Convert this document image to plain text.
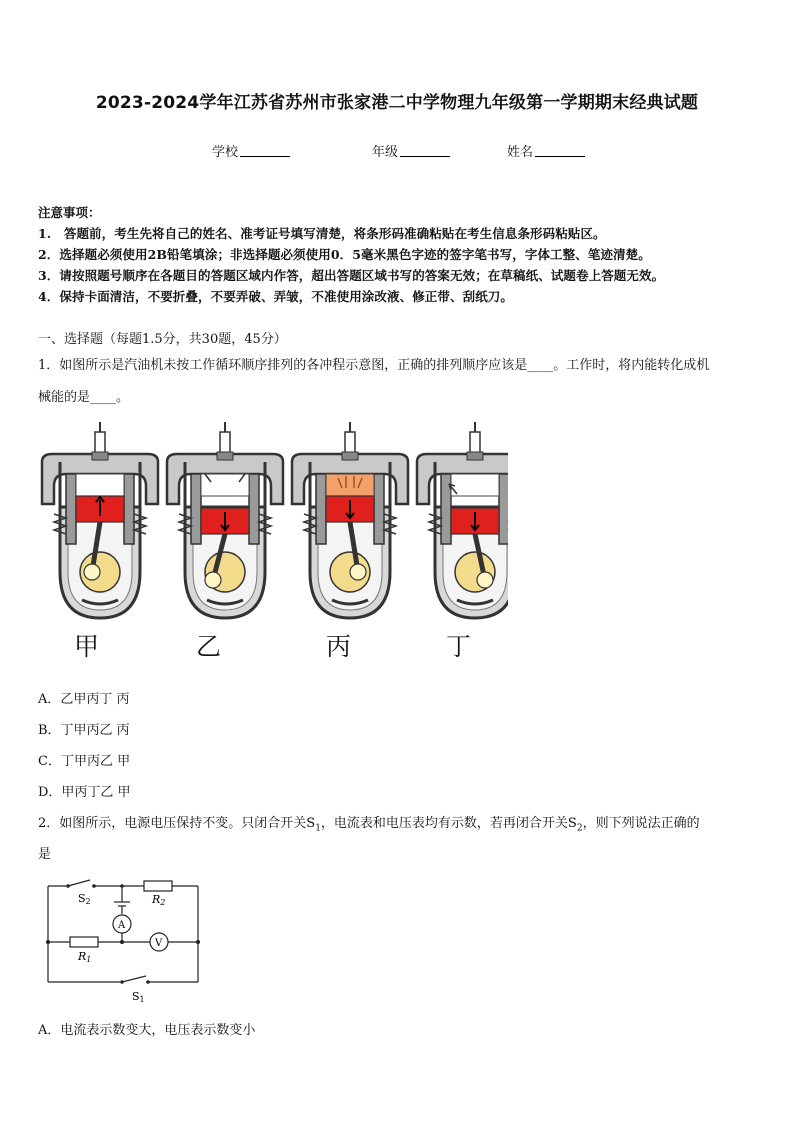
2023-2024学年江苏省苏州市张家港二中学物理九年级第一学期期末经典试题
学校	年级	姓名
注意事项：
1.　答题前，考生先将自己的姓名、准考证号填写清楚，将条形码准确粘贴在考生信息条形码粘贴区。
2．选择题必须使用2B铅笔填涂；非选择题必须使用0．5毫米黑色字迹的签字笔书写，字体工整、笔迹清楚。
3．请按照题号顺序在各题目的答题区域内作答，超出答题区域书写的答案无效；在草稿纸、试题卷上答题无效。
4．保持卡面清洁，不要折叠，不要弄破、弄皱，不准使用涂改液、修正带、刮纸刀。
一、选择题（每题1.5分，共30题，45分）
1．如图所示是汽油机未按工作循环顺序排列的各冲程示意图，正确的排列顺序应该是____。工作时，将内能转化成机
械能的是____。
甲	乙	丙	丁
A．乙甲丙丁 丙
B．丁甲丙乙 丙
C．丁甲丙乙 甲
D．甲丙丁乙 甲
2．如图所示，电源电压保持不变。只闭合开关$S_1$，电流表和电压表均有示数，若再闭合开关$S_2$，则下列说法正确的
是
S2	R2
A
V
R1
S1
A．电流表示数变大，电压表示数变小
